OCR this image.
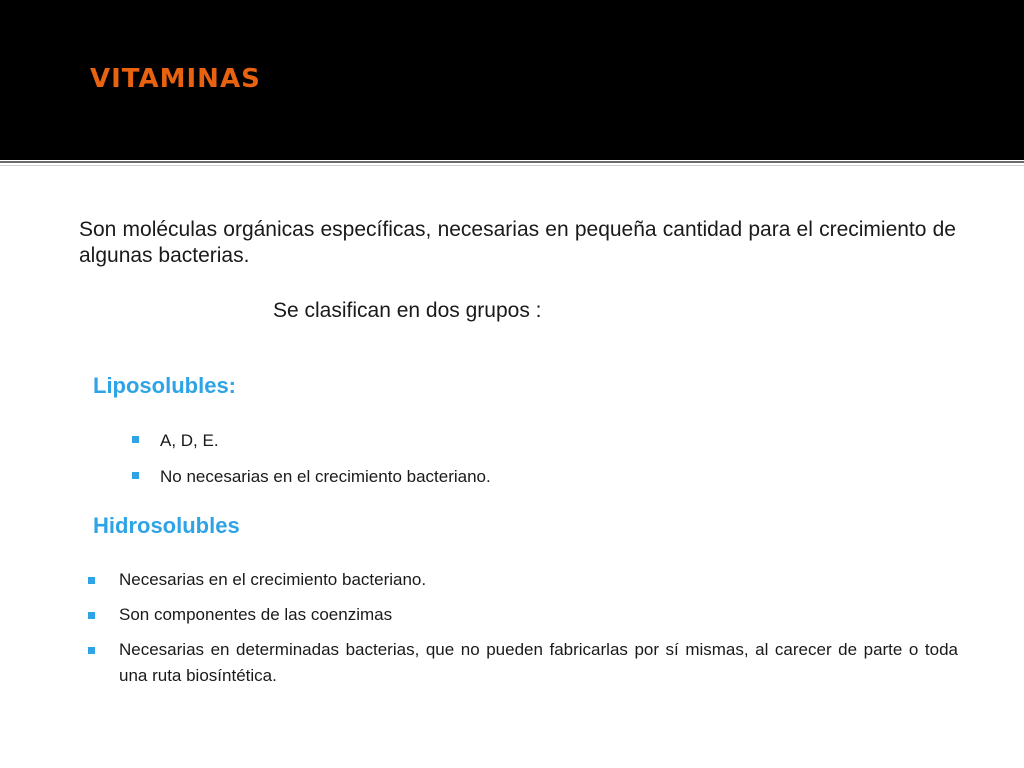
VITAMINAS

Son moléculas orgánicas específicas, necesarias en pequeña cantidad para el crecimiento de algunas bacterias.

Se clasifican en dos grupos :

Liposolubles:
A, D, E.
No necesarias en el crecimiento bacteriano.
Hidrosolubles
Necesarias en el crecimiento bacteriano.
Son componentes de las coenzimas
Necesarias en determinadas bacterias, que no pueden fabricarlas por sí mismas, al carecer de parte o toda una ruta biosíntética.
